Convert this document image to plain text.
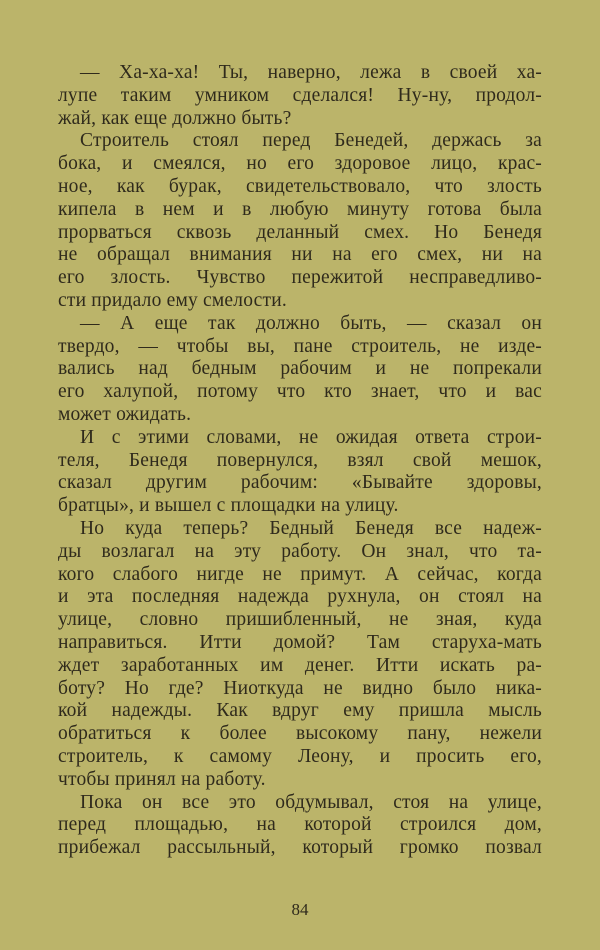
— Ха-ха-ха! Ты, наверно, лежа в своей ха-
лупе таким умником сделался! Ну-ну, продол-
жай, как еще должно быть?
Строитель стоял перед Бенедей, держась за
бока, и смеялся, но его здоровое лицо, крас-
ное, как бурак, свидетельствовало, что злость
кипела в нем и в любую минуту готова была
прорваться сквозь деланный смех. Но Бенедя
не обращал внимания ни на его смех, ни на
его злость. Чувство пережитой несправедливо-
сти придало ему смелости.
— А еще так должно быть, — сказал он
твердо, — чтобы вы, пане строитель, не изде-
вались над бедным рабочим и не попрекали
его халупой, потому что кто знает, что и вас
может ожидать.
И с этими словами, не ожидая ответа строи-
теля, Бенедя повернулся, взял свой мешок,
сказал другим рабочим: «Бывайте здоровы,
братцы», и вышел с площадки на улицу.
Но куда теперь? Бедный Бенедя все надеж-
ды возлагал на эту работу. Он знал, что та-
кого слабого нигде не примут. А сейчас, когда
и эта последняя надежда рухнула, он стоял на
улице, словно пришибленный, не зная, куда
направиться. Итти домой? Там старуха-мать
ждет заработанных им денег. Итти искать ра-
боту? Но где? Ниоткуда не видно было ника-
кой надежды. Как вдруг ему пришла мысль
обратиться к более высокому пану, нежели
строитель, к самому Леону, и просить его,
чтобы принял на работу.
Пока он все это обдумывал, стоя на улице,
перед площадью, на которой строился дом,
прибежал рассыльный, который громко позвал
84
